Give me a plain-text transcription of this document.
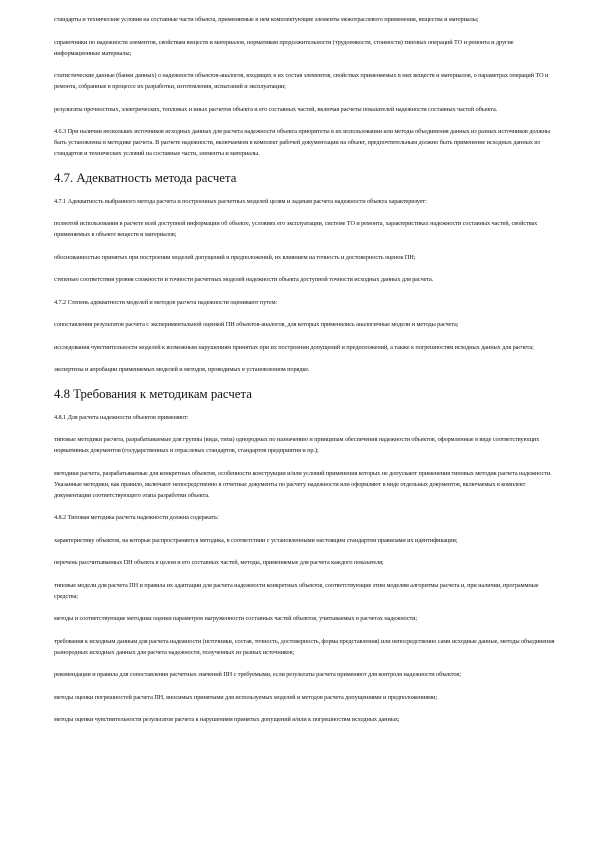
стандарты и технические условия на составные части объекта, применяемые в нем комплектующие элементы межотраслевого применения, вещества и материалы;

справочники по надежности элементов, свойствам веществ и материалов, нормативам продолжительности (трудоемкости, стоимости) типовых операций ТО и ремонта и другие информационные материалы;

статистические данные (банки данных) о надежности объектов-аналогов, входящих в их состав элементов, свойствах применяемых в них веществ и материалов, о параметрах операций ТО и ремонта, собранные в процессе их разработки, изготовления, испытаний и эксплуатации;

результаты прочностных, электрических, тепловых и иных расчетов объекта и его составных частей, включая расчеты показателей надежности составных частей объекта.

4.6.3 При наличии нескольких источников исходных данных для расчета надежности объекта приоритеты в их использовании или методы объединения данных из разных источников должны быть установлены в методике расчета. В расчете надежности, включаемом в комплект рабочей документации на объект, предпочтительным должно быть применение исходных данных из стандартов и технических условий на составные части, элементы и материалы.

4.7. Адекватность метода расчета

4.7.1 Адекватность выбранного метода расчета и построенных расчетных моделей целям и задачам расчета надежности объекта характеризует:

полнотой использования в расчете всей доступной информации об объекте, условиях его эксплуатации, системе ТО и ремонта, характеристиках надежности составных частей, свойствах применяемых в объекте веществ и материалов;

обоснованностью принятых при построении моделей допущений и предположений, их влиянием на точность и достоверность оценок ПН;

степенью соответствия уровня сложности и точности расчетных моделей надежности объекта доступной точности исходных данных для расчета.

4.7.2 Степень адекватности моделей и методов расчета надежности оценивают путем:

сопоставления результатов расчета с экспериментальной оценкой ПН объектов-аналогов, для которых применялись аналогичные модели и методы расчета;

исследования чувствительности моделей к возможным нарушениям принятых при их построении допущений и предположений, а также к погрешностям исходных данных для расчета;

экспертизы и апробации применяемых моделей и методов, проводимых в установленном порядке.

4.8 Требования к методикам расчета

4.8.1 Для расчета надежности объектов применяют:

типовые методики расчета, разрабатываемые для группы (вида, типа) однородных по назначению и принципам обеспечения надежности объектов, оформленные в виде соответствующих нормативных документов (государственных и отраслевых стандартов, стандартов предприятия и пр.);

методики расчета, разрабатываемые для конкретных объектов, особенности конструкции и/или условий применения которых не допускают применения типовых методик расчета надежности. Указанные методики, как правило, включают непосредственно в отчетные документы по расчету надежности или оформляют в виде отдельных документов, включаемых в комплект документации соответствующего этапа разработки объекта.

4.8.2 Типовая методика расчета надежности должна содержать:

характеристику объектов, на которые распространяется методика, в соответствии с установленными настоящим стандартом правилами их идентификации;

перечень рассчитываемых ПН объекта в целом и его составных частей, методы, применяемые для расчета каждого показателя;

типовые модели для расчета ПН и правила их адаптации для расчета надежности конкретных объектов, соответствующие этим моделям алгоритмы расчета и, при наличии, программные средства;

методы и соответствующие методики оценки параметров нагруженности составных частей объектов, учитываемых в расчетах надежности;

требования к исходным данным для расчета надежности (источники, состав, точность, достоверность, форма представления) или непосредственно сами исходные данные, методы объединения разнородных исходных данных для расчета надежности, полученных из разных источников;

рекомендации и правила для сопоставления расчетных значений ПН с требуемыми, если результаты расчета применяют для контроля надежности объектов;

методы оценки погрешностей расчета ПН, вносимых принятыми для используемых моделей и методов расчета допущениями и предположениями;

методы оценки чувствительности результатов расчета к нарушениям принятых допущений и/или к погрешностям исходных данных;
